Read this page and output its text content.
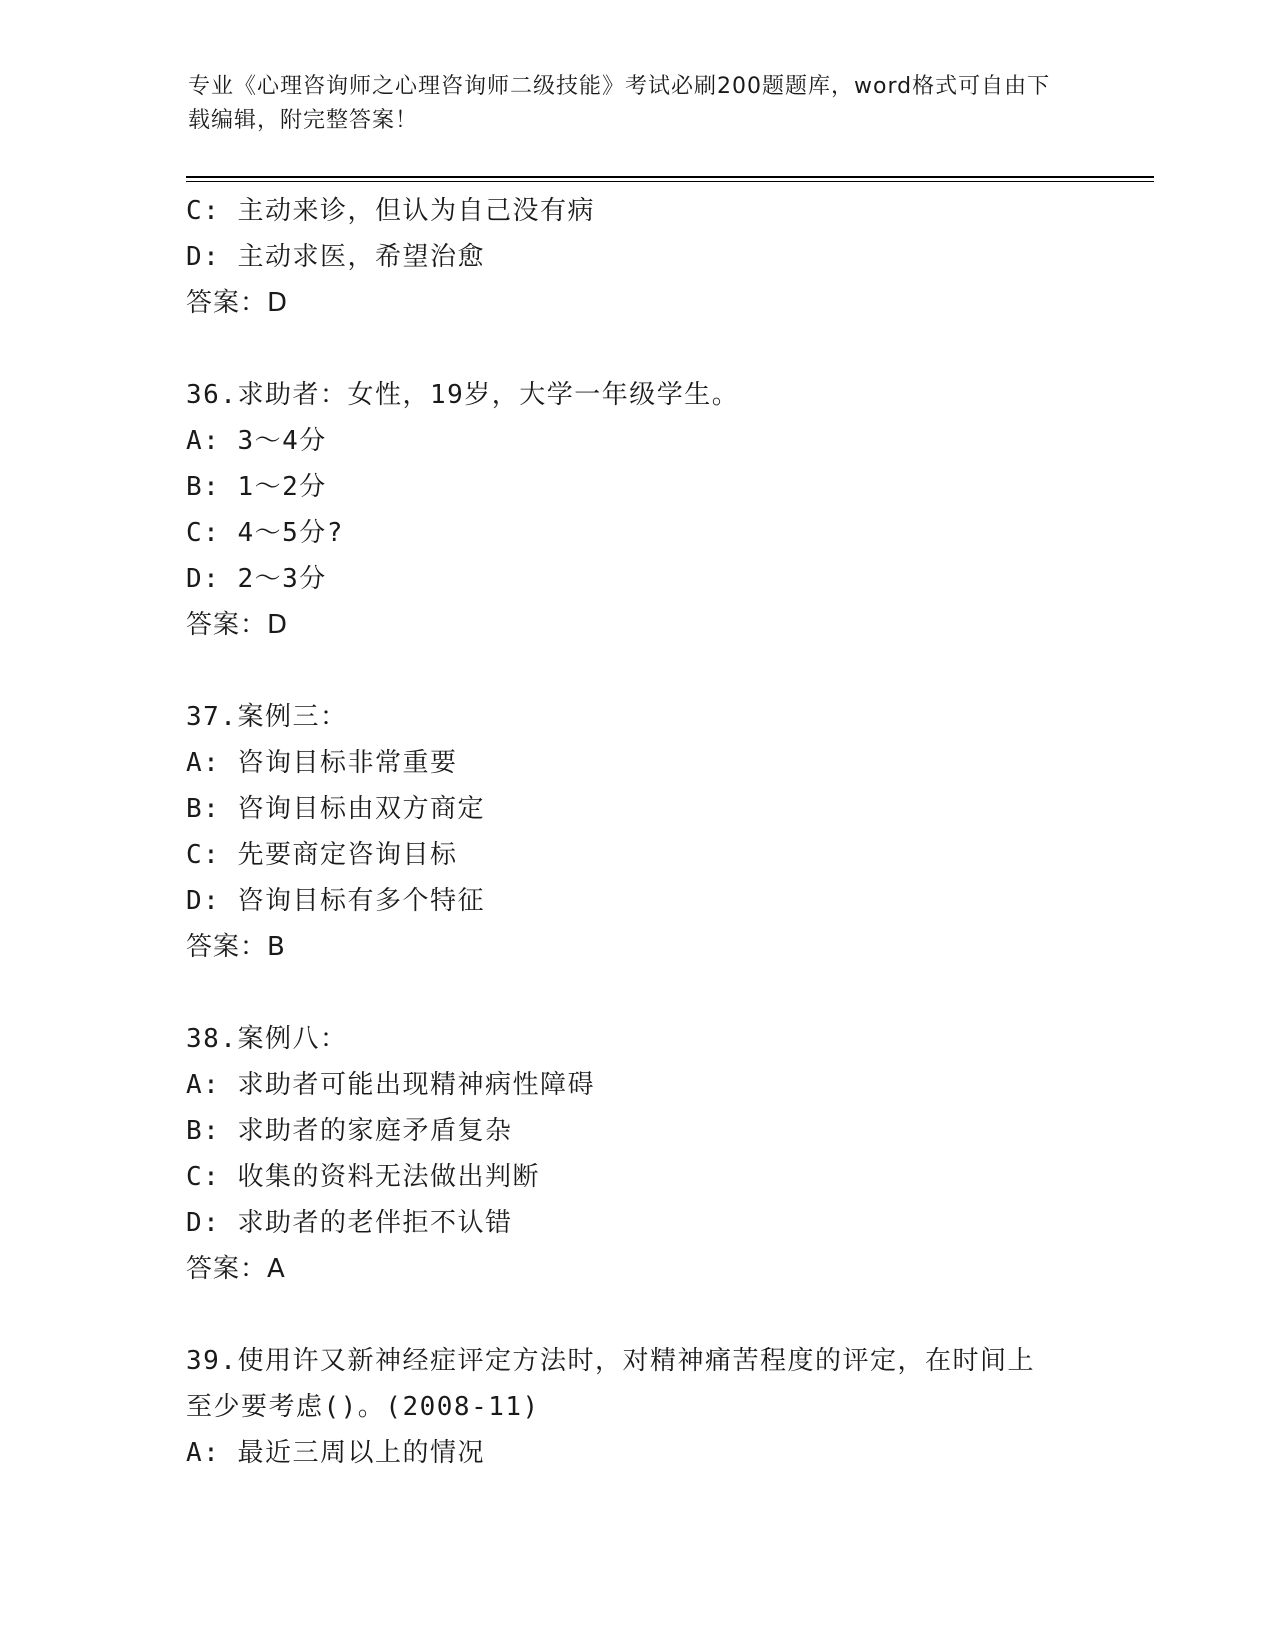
专业《心理咨询师之心理咨询师二级技能》考试必刷200题题库，word格式可自由下载编辑，附完整答案！
C: 主动来诊，但认为自己没有病
D: 主动求医，希望治愈
答案：D
36.求助者：女性，19岁，大学一年级学生。
A: 3～4分
B: 1～2分
C: 4～5分?
D: 2～3分
答案：D
37.案例三：
A: 咨询目标非常重要
B: 咨询目标由双方商定
C: 先要商定咨询目标
D: 咨询目标有多个特征
答案：B
38.案例八：
A: 求助者可能出现精神病性障碍
B: 求助者的家庭矛盾复杂
C: 收集的资料无法做出判断
D: 求助者的老伴拒不认错
答案：A
39.使用许又新神经症评定方法时，对精神痛苦程度的评定，在时间上
至少要考虑()。(2008-11)
A: 最近三周以上的情况
